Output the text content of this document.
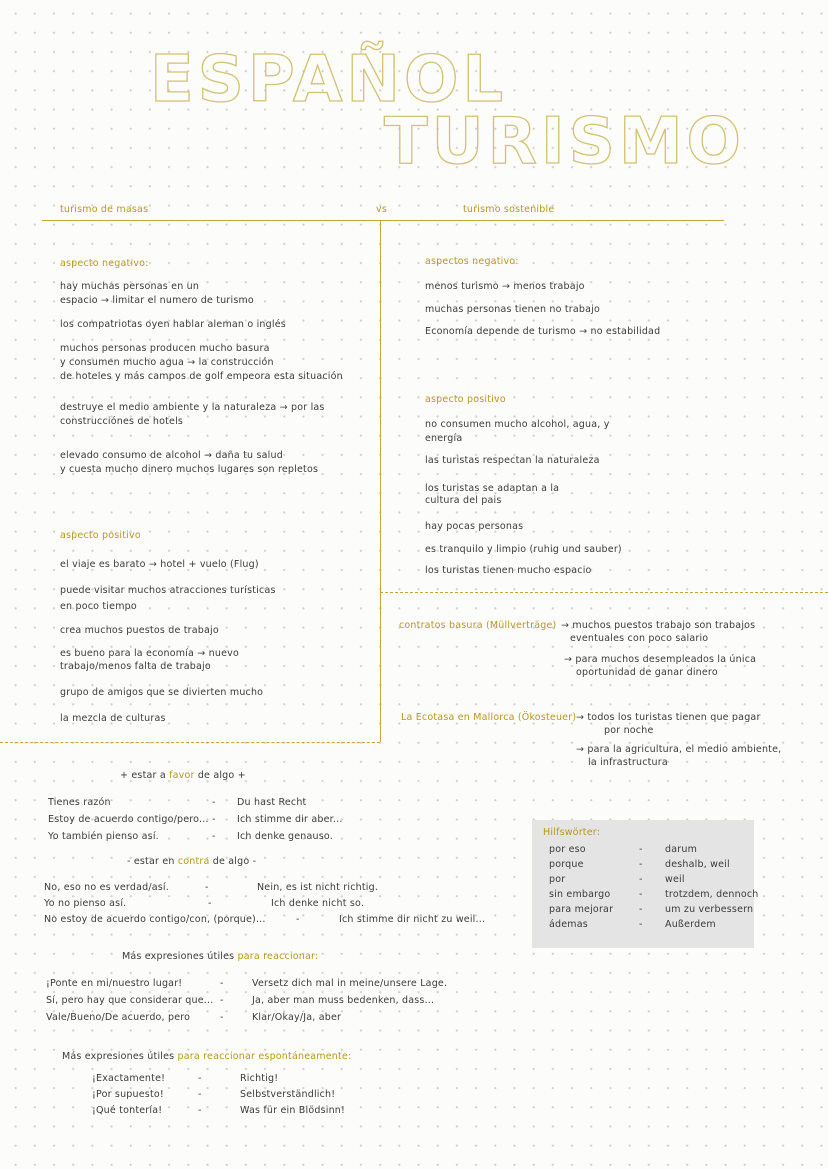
ESPAÑOL
TURISMO
turismo de masas	vs	turismo sostenible
aspecto negativo:
hay muchas personas en un
espacio → limitar el numero de turismo
los compatriotas oyen hablar aleman o inglés
muchos personas producen mucho basura
y consumen mucho agua → la construcción
de hoteles y más campos de golf empeora esta situación
destruye el medio ambiente y la naturaleza → por las
construcciónes de hotels
elevado consumo de alcohol → daña tu salud
y cuesta mucho dinero muchos lugares son repletos
aspecto positivo
el viaje es barato → hotel + vuelo (Flug)
puede visitar muchos atracciones turísticas
en poco tiempo
crea muchos puestos de trabajo
es bueno para la economía → nuevo
trabajo/menos falta de trabajo
grupo de amigos que se divierten mucho
la mezcla de culturas
aspectos negativo:
menos turismo → menos trabajo
muchas personas tienen no trabajo
Economía depende de turismo → no estabilidad
aspecto positivo
no consumen mucho alcohol, agua, y
energía
las turistas respectan la naturaleza
los turistas se adaptan a la
cultura del pais
hay pocas personas
es tranquilo y limpio (ruhig und sauber)
los turistas tienen mucho espacio
contratos basura (Müllverträge) → muchos puestos trabajo son trabajos
eventuales con poco salario
→ para muchos desempleados la única
oportunidad de ganar dinero
La Ecotasa en Mallorca (Ökosteuer) → todos los turistas tienen que pagar
por noche
→ para la agricultura, el medio ambiente,
la infrastructura
+ estar a favor de algo +
Tienes razón	- Du hast Recht
Estoy de acuerdo contigo/pero... - Ich stimme dir aber...
Yo también pienso así.	- Ich denke genauso.
- estar en contra de algo -
No, eso no es verdad/así.	-	Nein, es ist nicht richtig.
Yo no pienso así.	-	Ich denke nicht so.
No estoy de acuerdo contigo/con, (porque)...	-	Ich stimme dir nicht zu weil...
Más expresiones útiles para reaccionar:
¡Ponte en mi/nuestro lugar!	-	Versetz dich mal in meine/unsere Lage.
Sí, pero hay que considerar que... -	Ja, aber man muss bedenken, dass...
Vale/Bueno/De acuerdo, pero	-	Klar/Okay/Ja, aber
Más expresiones útiles para reaccionar espontáneamente:
¡Exactamente!	-	Richtig!
¡Por supuesto!	-	Selbstverständlich!
¡Qué tontería!	-	Was für ein Blödsinn!
Hilfswörter:
por eso	- darum
porque	- deshalb, weil
por	- weil
sin embargo	- trotzdem, dennoch
para mejorar	- um zu verbessern
ádemas	- Außerdem
